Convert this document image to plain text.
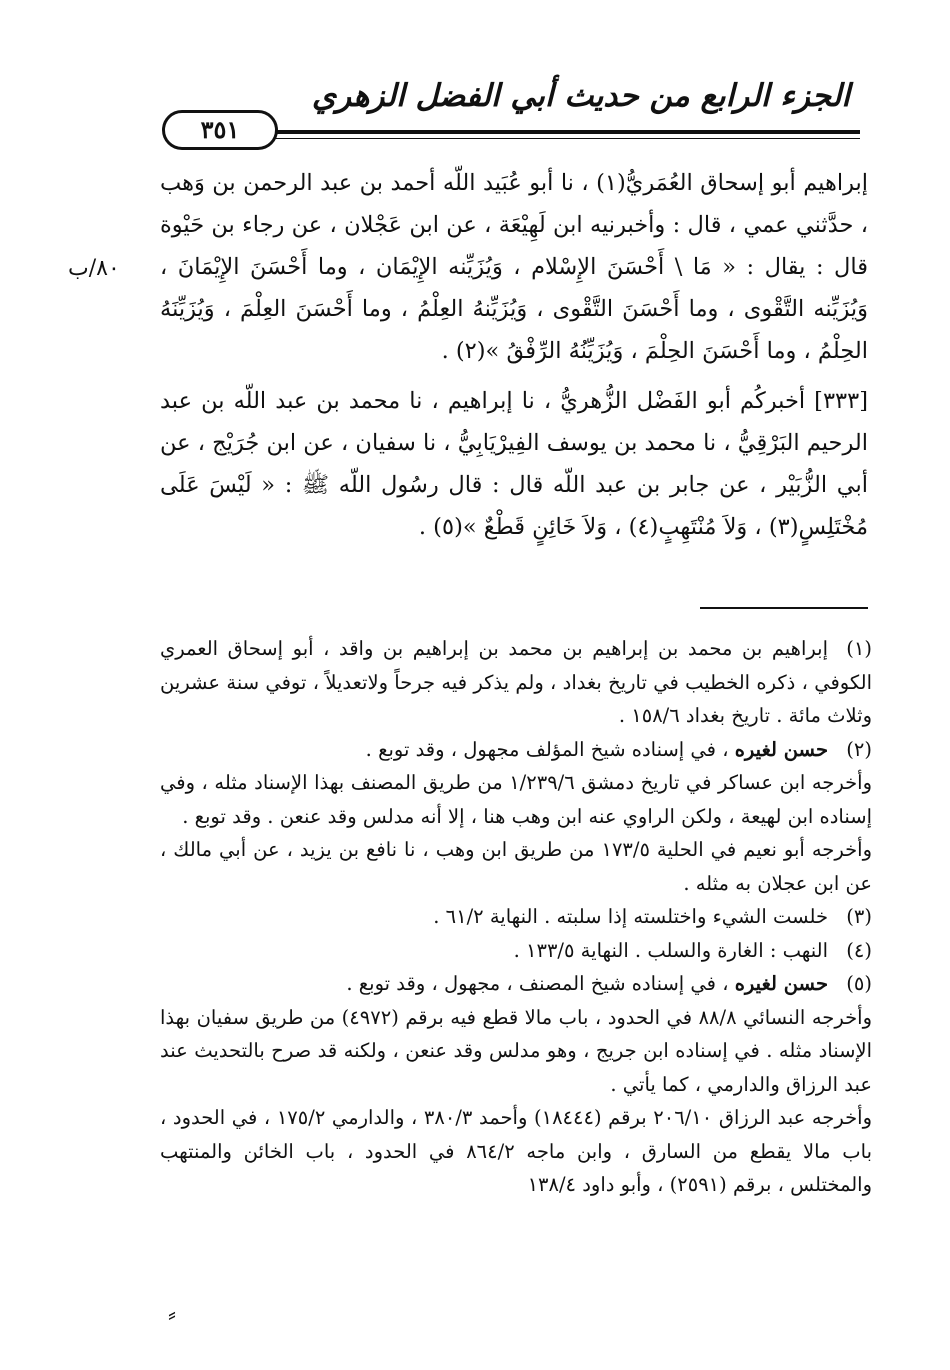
الجزء الرابع من حديث أبي الفضل الزهري
٣٥١
٨٠/ب

إبراهيم أبو إسحاق العُمَريُّ(١) ، نا أبو عُبَيد اللّه أحمد بن عبد الرحمن بن وَهب ، حدَّثني عمي ، قال : وأخبرنيه ابن لَهِيْعَة ، عن ابن عَجْلان ، عن رجاء بن حَيْوة قال : يقال : « مَا \ أَحْسَنَ الإِسْلام ، وَيُزَيِّنه الإِيْمَان ، وما أَحْسَنَ الإِيْمَانَ ، وَيُزَيِّنه التَّقْوى ، وما أَحْسَنَ التَّقْوى ، وَيُزَيِّنهُ العِلْمُ ، وما أَحْسَنَ العِلْمَ ، وَيُزَيِّنَهُ الحِلْمُ ، وما أَحْسَنَ الحِلْمَ ، وَيُزَيِّنُهُ الرِّفْقُ »(٢) .

[٣٣٣] أخبركُم أبو الفَضْل الزُّهريُّ ، نا إبراهيم ، نا محمد بن عبد اللّه بن عبد الرحيم البَرْقِيُّ ، نا محمد بن يوسف الفِيرْيَابِيُّ ، نا سفيان ، عن ابن جُرَيْج ، عن أبي الزُّبَيْر ، عن جابر بن عبد اللّه قال : قال رسُول اللّه ﷺ : « لَيْسَ عَلَى مُخْتَلِسٍ(٣) ، وَلاَ مُنْتَهِبٍ(٤) ، وَلاَ خَائِنٍ قَطْعٌ »(٥) .

(١)إبراهيم بن محمد بن إبراهيم بن محمد بن إبراهيم بن واقد ، أبو إسحاق العمري الكوفي ، ذكره الخطيب في تاريخ بغداد ، ولم يذكر فيه جرحاً ولاتعديلاً ، توفي سنة عشرين وثلاث مائة . تاريخ بغداد ١٥٨/٦ .
(٢)حسن لغيره ، في إسناده شيخ المؤلف مجهول ، وقد توبع .
وأخرجه ابن عساكر في تاريخ دمشق ١/٢٣٩/٦ من طريق المصنف بهذا الإسناد مثله ، وفي إسناده ابن لهيعة ، ولكن الراوي عنه ابن وهب هنا ، إلا أنه مدلس وقد عنعن . وقد توبع .
وأخرجه أبو نعيم في الحلية ١٧٣/٥ من طريق ابن وهب ، نا نافع بن يزيد ، عن أبي مالك ، عن ابن عجلان به مثله .
(٣)خلست الشيء واختلسته إذا سلبته . النهاية ٦١/٢ .
(٤)النهب : الغارة والسلب . النهاية ١٣٣/٥ .
(٥)حسن لغيره ، في إسناده شيخ المصنف ، مجهول ، وقد توبع .
وأخرجه النسائي ٨٨/٨ في الحدود ، باب مالا قطع فيه برقم (٤٩٧٢) من طريق سفيان بهذا الإسناد مثله . في إسناده ابن جريج ، وهو مدلس وقد عنعن ، ولكنه قد صرح بالتحديث عند عبد الرزاق والدارمي ، كما يأتي .
وأخرجه عبد الرزاق ٢٠٦/١٠ برقم (١٨٤٤٤) وأحمد ٣٨٠/٣ ، والدارمي ١٧٥/٢ ، في الحدود ، باب مالا يقطع من السارق ، وابن ماجه ٨٦٤/٢ في الحدود ، باب الخائن والمنتهب والمختلس ، برقم (٢٥٩١) ، وأبو داود ١٣٨/٤
⸗
